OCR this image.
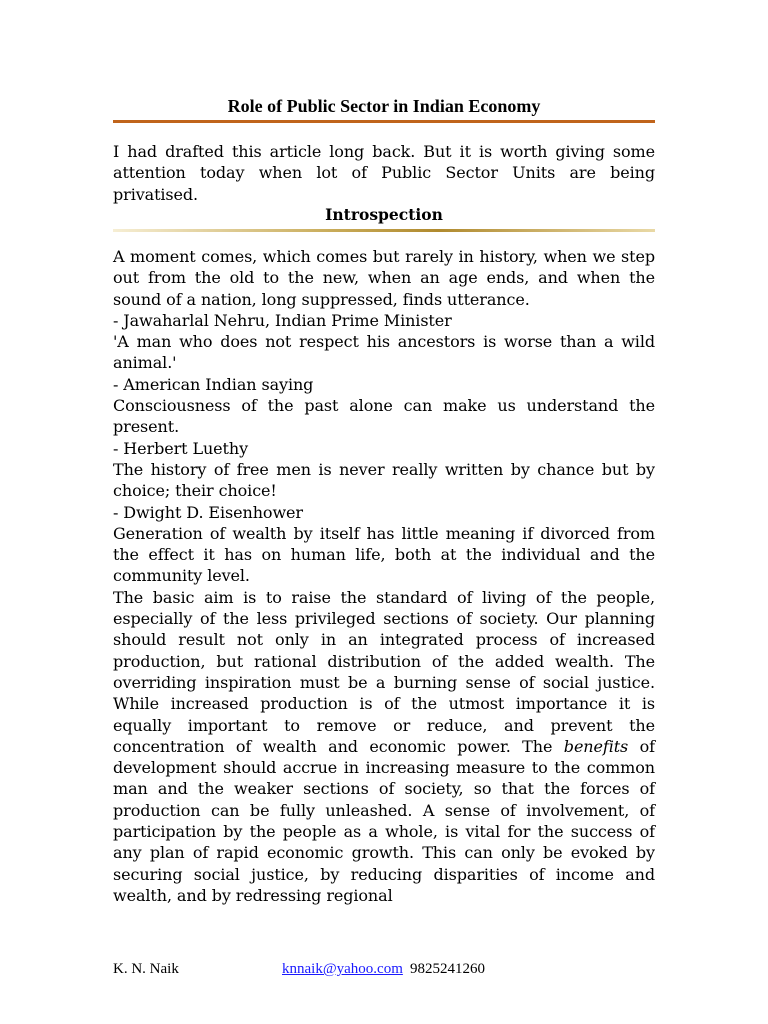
Role of Public Sector in Indian Economy
I had drafted this article long back. But it is worth giving some attention today when lot of Public Sector Units are being privatised.
Introspection

A moment comes, which comes but rarely in history, when we step out from the old to the new, when an age ends, and when the sound of a nation, long suppressed, finds utterance.

- Jawaharlal Nehru, Indian Prime Minister

'A man who does not respect his ancestors is worse than a wild animal.'

- American Indian saying

Consciousness of the past alone can make us understand the present.

- Herbert Luethy

The history of free men is never really written by chance but by choice; their choice!

- Dwight D. Eisenhower

Generation of wealth by itself has little meaning if divorced from the effect it has on human life, both at the individual and the community level.

The basic aim is to raise the standard of living of the people, especially of the less privileged sections of society. Our planning should result not only in an integrated process of increased production, but rational distribution of the added wealth. The overriding inspiration must be a burning sense of social justice. While increased production is of the utmost importance it is equally important to remove or reduce, and prevent the concentration of wealth and economic power. The benefits of development should accrue in increasing measure to the common man and the weaker sections of society, so that the forces of production can be fully unleashed. A sense of involvement, of participation by the people as a whole, is vital for the success of any plan of rapid economic growth. This can only be evoked by securing social justice, by reducing disparities of income and wealth, and by redressing regional

K. N. Naik	knnaik@yahoo.com 9825241260
